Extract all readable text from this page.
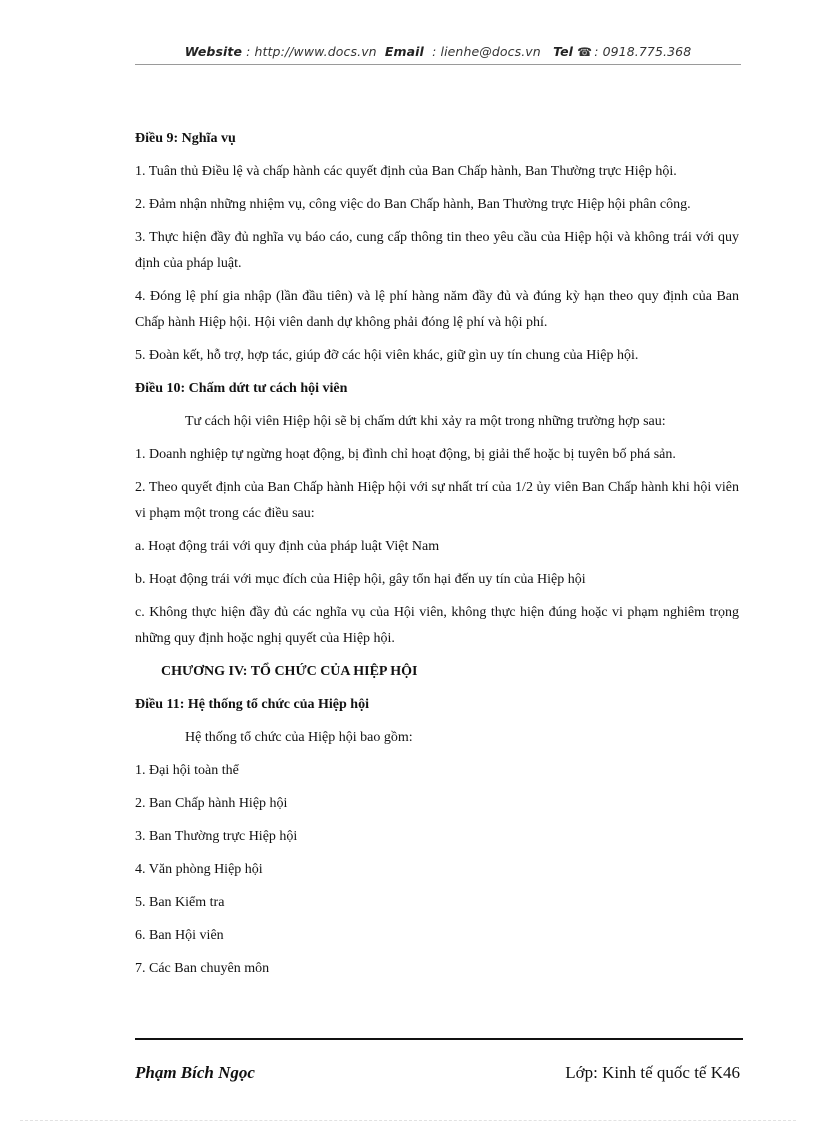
Website : http://www.docs.vn Email : lienhe@docs.vn Tel ☎ : 0918.775.368

Điều 9: Nghĩa vụ

1. Tuân thủ Điều lệ và chấp hành các quyết định của Ban Chấp hành, Ban Thường trực Hiệp hội.

2. Đảm nhận những nhiệm vụ, công việc do Ban Chấp hành, Ban Thường trực Hiệp hội phân công.

3. Thực hiện đầy đủ nghĩa vụ báo cáo, cung cấp thông tin theo yêu cầu của Hiệp hội và không trái với quy định của pháp luật.

4. Đóng lệ phí gia nhập (lần đầu tiên) và lệ phí hàng năm đầy đủ và đúng kỳ hạn theo quy định của Ban Chấp hành Hiệp hội. Hội viên danh dự không phải đóng lệ phí và hội phí.

5. Đoàn kết, hỗ trợ, hợp tác, giúp đỡ các hội viên khác, giữ gìn uy tín chung của Hiệp hội.

Điều 10: Chấm dứt tư cách hội viên

Tư cách hội viên Hiệp hội sẽ bị chấm dứt khi xảy ra một trong những trường hợp sau:

1. Doanh nghiệp tự ngừng hoạt động, bị đình chỉ hoạt động, bị giải thể hoặc bị tuyên bố phá sản.

2. Theo quyết định của Ban Chấp hành Hiệp hội với sự nhất trí của 1/2 ủy viên Ban Chấp hành khi hội viên vi phạm một trong các điều sau:

a. Hoạt động trái với quy định của pháp luật Việt Nam

b. Hoạt động trái với mục đích của Hiệp hội, gây tổn hại đến uy tín của Hiệp hội

c. Không thực hiện đầy đủ các nghĩa vụ của Hội viên, không thực hiện đúng hoặc vi phạm nghiêm trọng những quy định hoặc nghị quyết của Hiệp hội.

CHƯƠNG IV: TỔ CHỨC CỦA HIỆP HỘI

Điều 11: Hệ thống tổ chức của Hiệp hội

Hệ thống tổ chức của Hiệp hội bao gồm:

1. Đại hội toàn thể

2. Ban Chấp hành Hiệp hội

3. Ban Thường trực Hiệp hội

4. Văn phòng Hiệp hội

5. Ban Kiểm tra

6. Ban Hội viên

7. Các Ban chuyên môn

Phạm Bích Ngọc	Lớp: Kinh tế quốc tế K46
